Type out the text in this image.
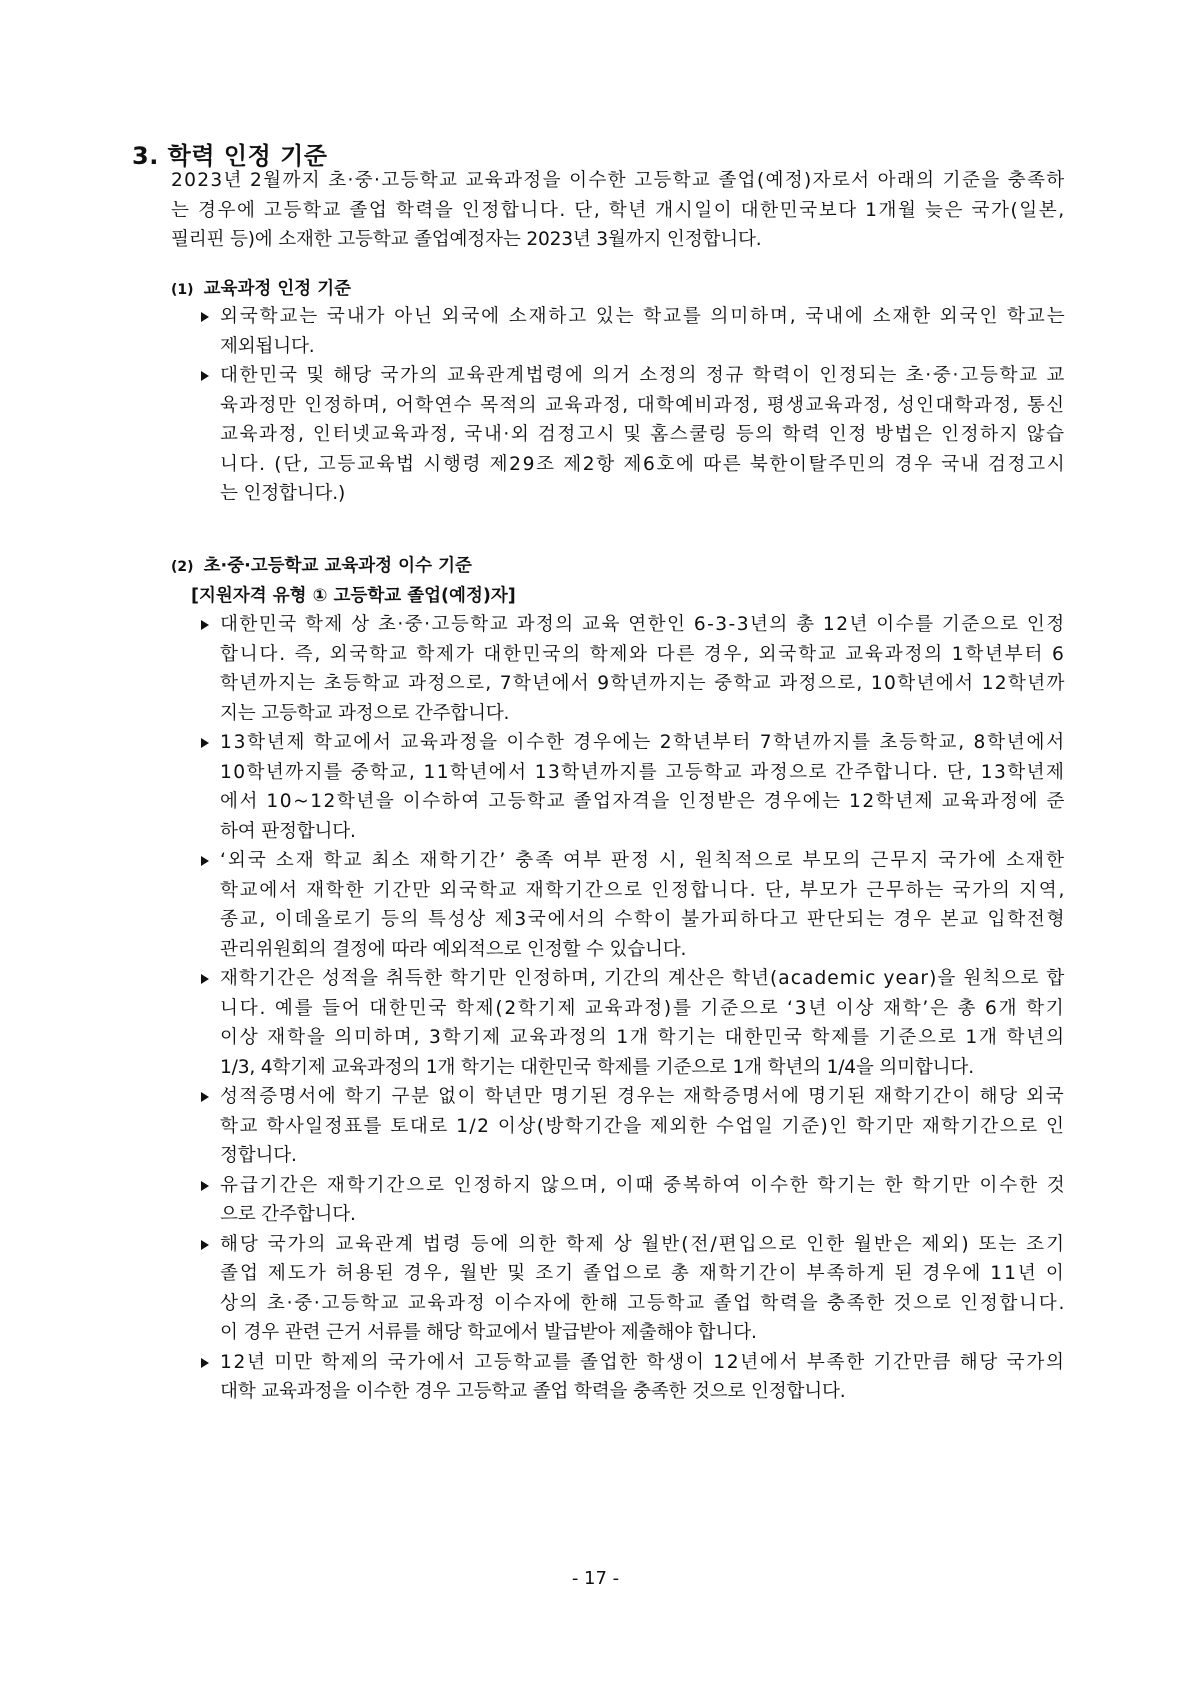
3. 학력 인정 기준
2023년 2월까지 초·중·고등학교 교육과정을 이수한 고등학교 졸업(예정)자로서 아래의 기준을 충족하
는 경우에 고등학교 졸업 학력을 인정합니다. 단, 학년 개시일이 대한민국보다 1개월 늦은 국가(일본,
필리핀 등)에 소재한 고등학교 졸업예정자는 2023년 3월까지 인정합니다.
(1) 교육과정 인정 기준
외국학교는 국내가 아닌 외국에 소재하고 있는 학교를 의미하며, 국내에 소재한 외국인 학교는
제외됩니다.
대한민국 및 해당 국가의 교육관계법령에 의거 소정의 정규 학력이 인정되는 초·중·고등학교 교
육과정만 인정하며, 어학연수 목적의 교육과정, 대학예비과정, 평생교육과정, 성인대학과정, 통신
교육과정, 인터넷교육과정, 국내·외 검정고시 및 홈스쿨링 등의 학력 인정 방법은 인정하지 않습
니다. (단, 고등교육법 시행령 제29조 제2항 제6호에 따른 북한이탈주민의 경우 국내 검정고시
는 인정합니다.)
(2) 초·중·고등학교 교육과정 이수 기준
[지원자격 유형 ① 고등학교 졸업(예정)자]
대한민국 학제 상 초·중·고등학교 과정의 교육 연한인 6-3-3년의 총 12년 이수를 기준으로 인정
합니다. 즉, 외국학교 학제가 대한민국의 학제와 다른 경우, 외국학교 교육과정의 1학년부터 6
학년까지는 초등학교 과정으로, 7학년에서 9학년까지는 중학교 과정으로, 10학년에서 12학년까
지는 고등학교 과정으로 간주합니다.
13학년제 학교에서 교육과정을 이수한 경우에는 2학년부터 7학년까지를 초등학교, 8학년에서
10학년까지를 중학교, 11학년에서 13학년까지를 고등학교 과정으로 간주합니다. 단, 13학년제
에서 10~12학년을 이수하여 고등학교 졸업자격을 인정받은 경우에는 12학년제 교육과정에 준
하여 판정합니다.
‘외국 소재 학교 최소 재학기간’ 충족 여부 판정 시, 원칙적으로 부모의 근무지 국가에 소재한
학교에서 재학한 기간만 외국학교 재학기간으로 인정합니다. 단, 부모가 근무하는 국가의 지역,
종교, 이데올로기 등의 특성상 제3국에서의 수학이 불가피하다고 판단되는 경우 본교 입학전형
관리위원회의 결정에 따라 예외적으로 인정할 수 있습니다.
재학기간은 성적을 취득한 학기만 인정하며, 기간의 계산은 학년(academic year)을 원칙으로 합
니다. 예를 들어 대한민국 학제(2학기제 교육과정)를 기준으로 ‘3년 이상 재학’은 총 6개 학기
이상 재학을 의미하며, 3학기제 교육과정의 1개 학기는 대한민국 학제를 기준으로 1개 학년의
1/3, 4학기제 교육과정의 1개 학기는 대한민국 학제를 기준으로 1개 학년의 1/4을 의미합니다.
성적증명서에 학기 구분 없이 학년만 명기된 경우는 재학증명서에 명기된 재학기간이 해당 외국
학교 학사일정표를 토대로 1/2 이상(방학기간을 제외한 수업일 기준)인 학기만 재학기간으로 인
정합니다.
유급기간은 재학기간으로 인정하지 않으며, 이때 중복하여 이수한 학기는 한 학기만 이수한 것
으로 간주합니다.
해당 국가의 교육관계 법령 등에 의한 학제 상 월반(전/편입으로 인한 월반은 제외) 또는 조기
졸업 제도가 허용된 경우, 월반 및 조기 졸업으로 총 재학기간이 부족하게 된 경우에 11년 이
상의 초·중·고등학교 교육과정 이수자에 한해 고등학교 졸업 학력을 충족한 것으로 인정합니다.
이 경우 관련 근거 서류를 해당 학교에서 발급받아 제출해야 합니다.
12년 미만 학제의 국가에서 고등학교를 졸업한 학생이 12년에서 부족한 기간만큼 해당 국가의
대학 교육과정을 이수한 경우 고등학교 졸업 학력을 충족한 것으로 인정합니다.
- 17 -
